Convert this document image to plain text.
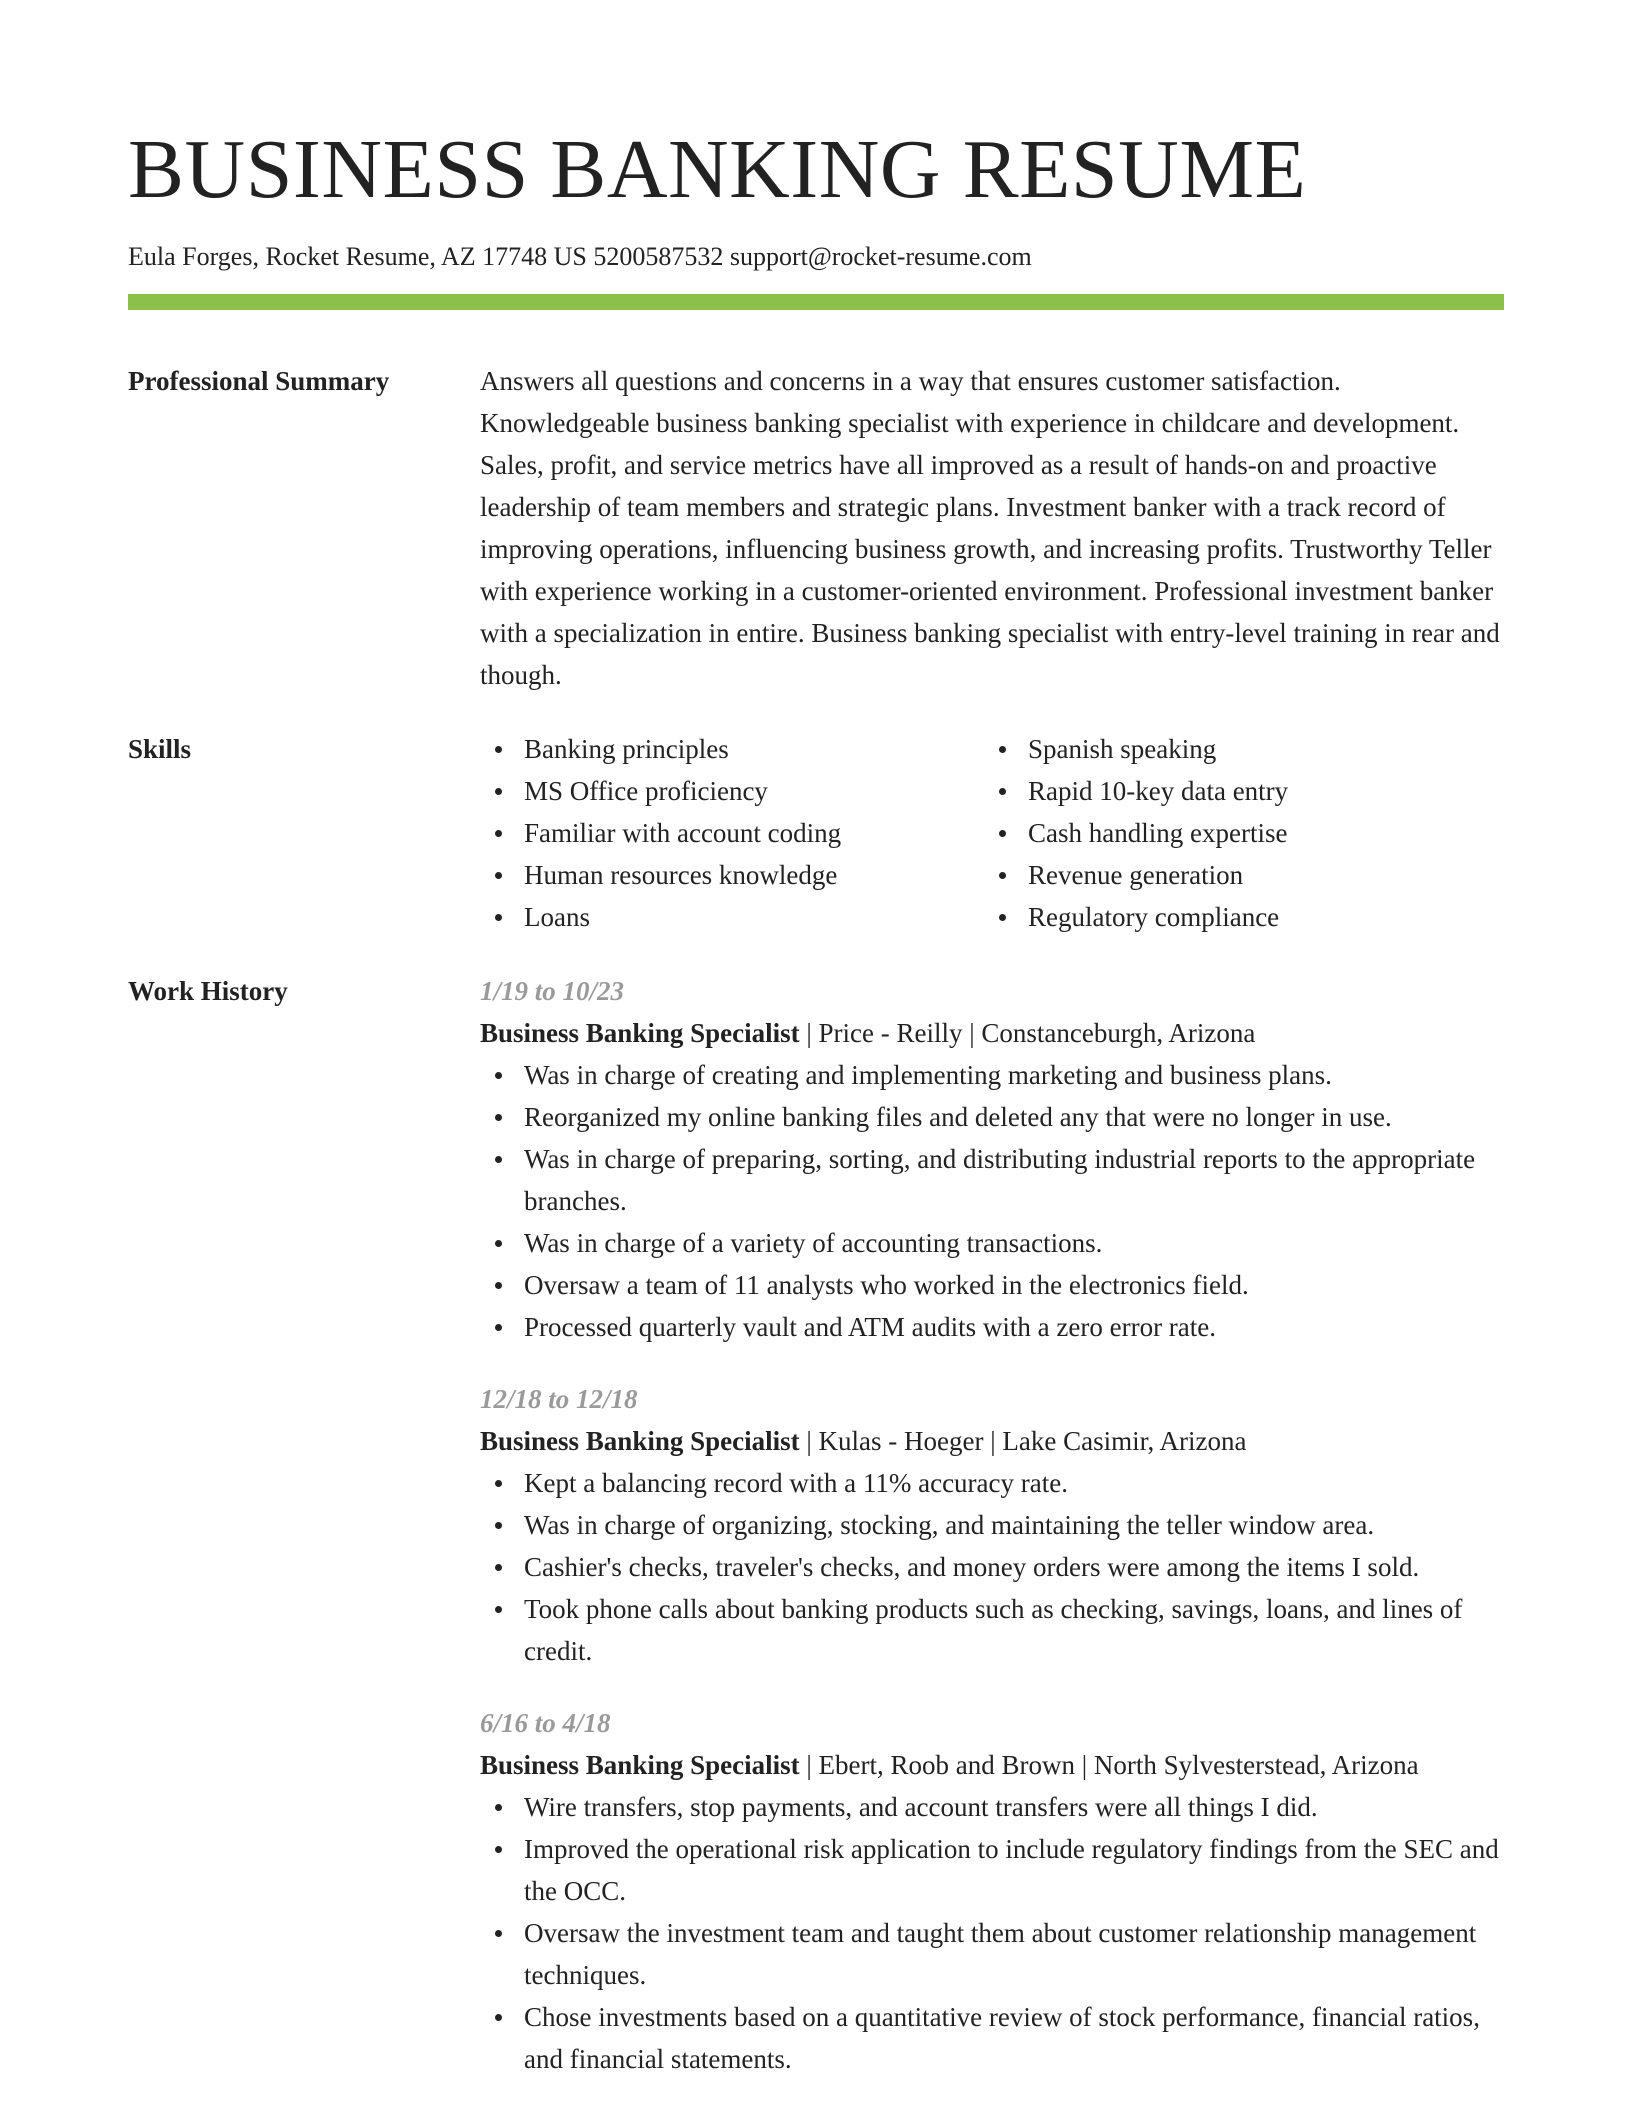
BUSINESS BANKING RESUME
Eula Forges, Rocket Resume, AZ 17748 US 5200587532 support@rocket-resume.com
Professional Summary	Answers all questions and concerns in a way that ensures customer satisfaction. Knowledgeable business banking specialist with experience in childcare and development. Sales, profit, and service metrics have all improved as a result of hands-on and proactive leadership of team members and strategic plans. Investment banker with a track record of improving operations, influencing business growth, and increasing profits. Trustworthy Teller with experience working in a customer-oriented environment. Professional investment banker with a specialization in entire. Business banking specialist with entry-level training in rear and though.

Skills	Banking principles
MS Office proficiency
Familiar with account coding
Human resources knowledge
Loans
Spanish speaking
Rapid 10-key data entry
Cash handling expertise
Revenue generation
Regulatory compliance
Work History	1/19 to 10/23
Business Banking Specialist | Price - Reilly | Constanceburgh, Arizona
Was in charge of creating and implementing marketing and business plans.
Reorganized my online banking files and deleted any that were no longer in use.
Was in charge of preparing, sorting, and distributing industrial reports to the appropriate branches.
Was in charge of a variety of accounting transactions.
Oversaw a team of 11 analysts who worked in the electronics field.
Processed quarterly vault and ATM audits with a zero error rate.
12/18 to 12/18
Business Banking Specialist | Kulas - Hoeger | Lake Casimir, Arizona
Kept a balancing record with a 11% accuracy rate.
Was in charge of organizing, stocking, and maintaining the teller window area.
Cashier's checks, traveler's checks, and money orders were among the items I sold.
Took phone calls about banking products such as checking, savings, loans, and lines of credit.
6/16 to 4/18
Business Banking Specialist | Ebert, Roob and Brown | North Sylvesterstead, Arizona
Wire transfers, stop payments, and account transfers were all things I did.
Improved the operational risk application to include regulatory findings from the SEC and the OCC.
Oversaw the investment team and taught them about customer relationship management techniques.
Chose investments based on a quantitative review of stock performance, financial ratios, and financial statements.
